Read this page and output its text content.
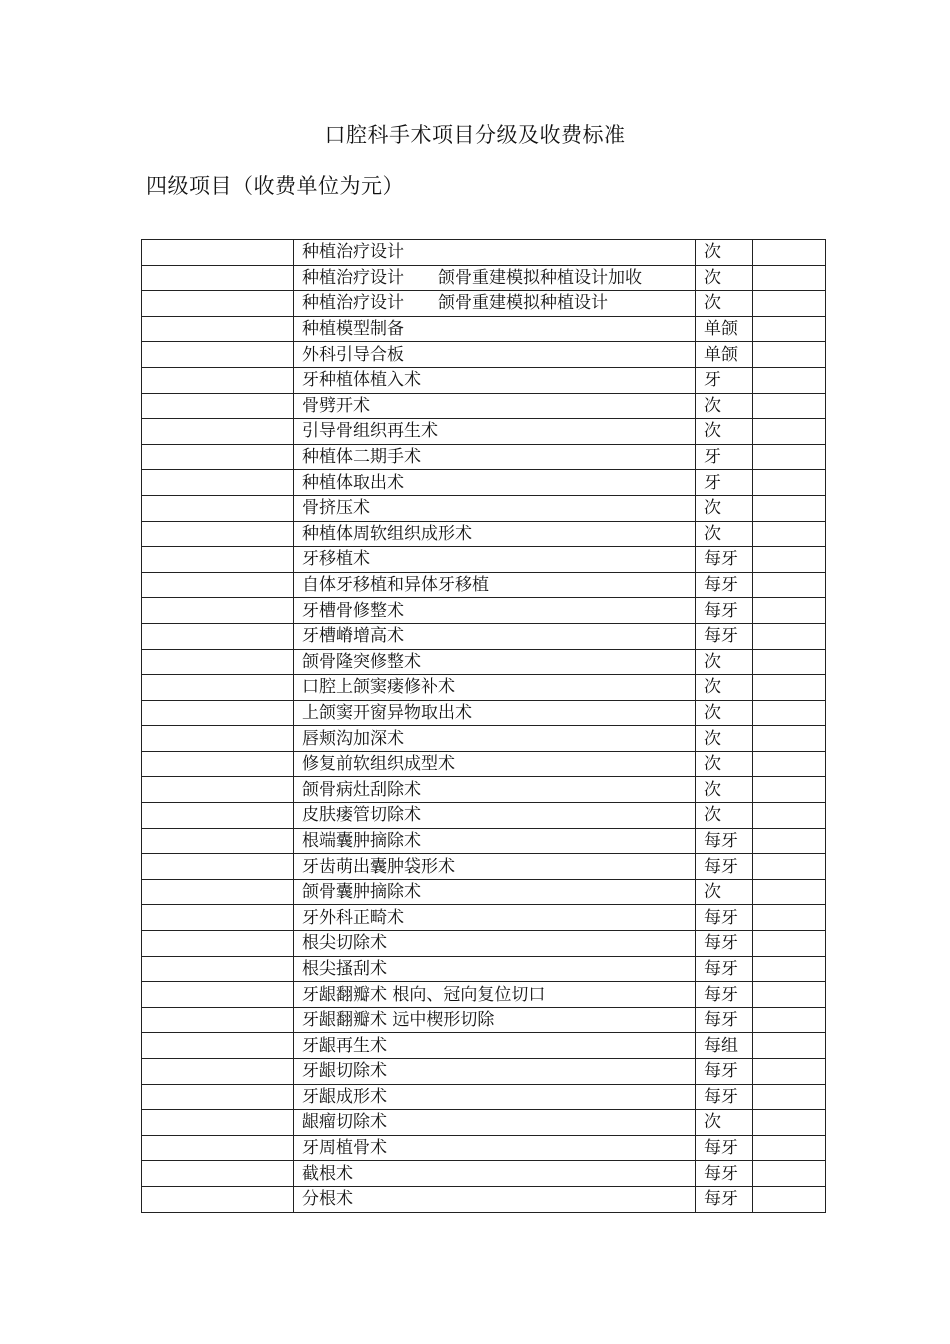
口腔科手术项目分级及收费标准
四级项目（收费单位为元）
	种植治疗设计	次	
	种植治疗设计　　颌骨重建模拟种植设计加收	次	
	种植治疗设计　　颌骨重建模拟种植设计	次	
	种植模型制备	单颌	
	外科引导合板	单颌	
	牙种植体植入术	牙	
	骨劈开术	次	
	引导骨组织再生术	次	
	种植体二期手术	牙	
	种植体取出术	牙	
	骨挤压术	次	
	种植体周软组织成形术	次	
	牙移植术	每牙	
	自体牙移植和异体牙移植	每牙	
	牙槽骨修整术	每牙	
	牙槽嵴增高术	每牙	
	颌骨隆突修整术	次	
	口腔上颌窦瘘修补术	次	
	上颌窦开窗异物取出术	次	
	唇颊沟加深术	次	
	修复前软组织成型术	次	
	颌骨病灶刮除术	次	
	皮肤瘘管切除术	次	
	根端囊肿摘除术	每牙	
	牙齿萌出囊肿袋形术	每牙	
	颌骨囊肿摘除术	次	
	牙外科正畸术	每牙	
	根尖切除术	每牙	
	根尖搔刮术	每牙	
	牙龈翻瓣术 根向、冠向复位切口	每牙	
	牙龈翻瓣术 远中楔形切除	每牙	
	牙龈再生术	每组	
	牙龈切除术	每牙	
	牙龈成形术	每牙	
	龈瘤切除术	次	
	牙周植骨术	每牙	
	截根术	每牙	
	分根术	每牙	
